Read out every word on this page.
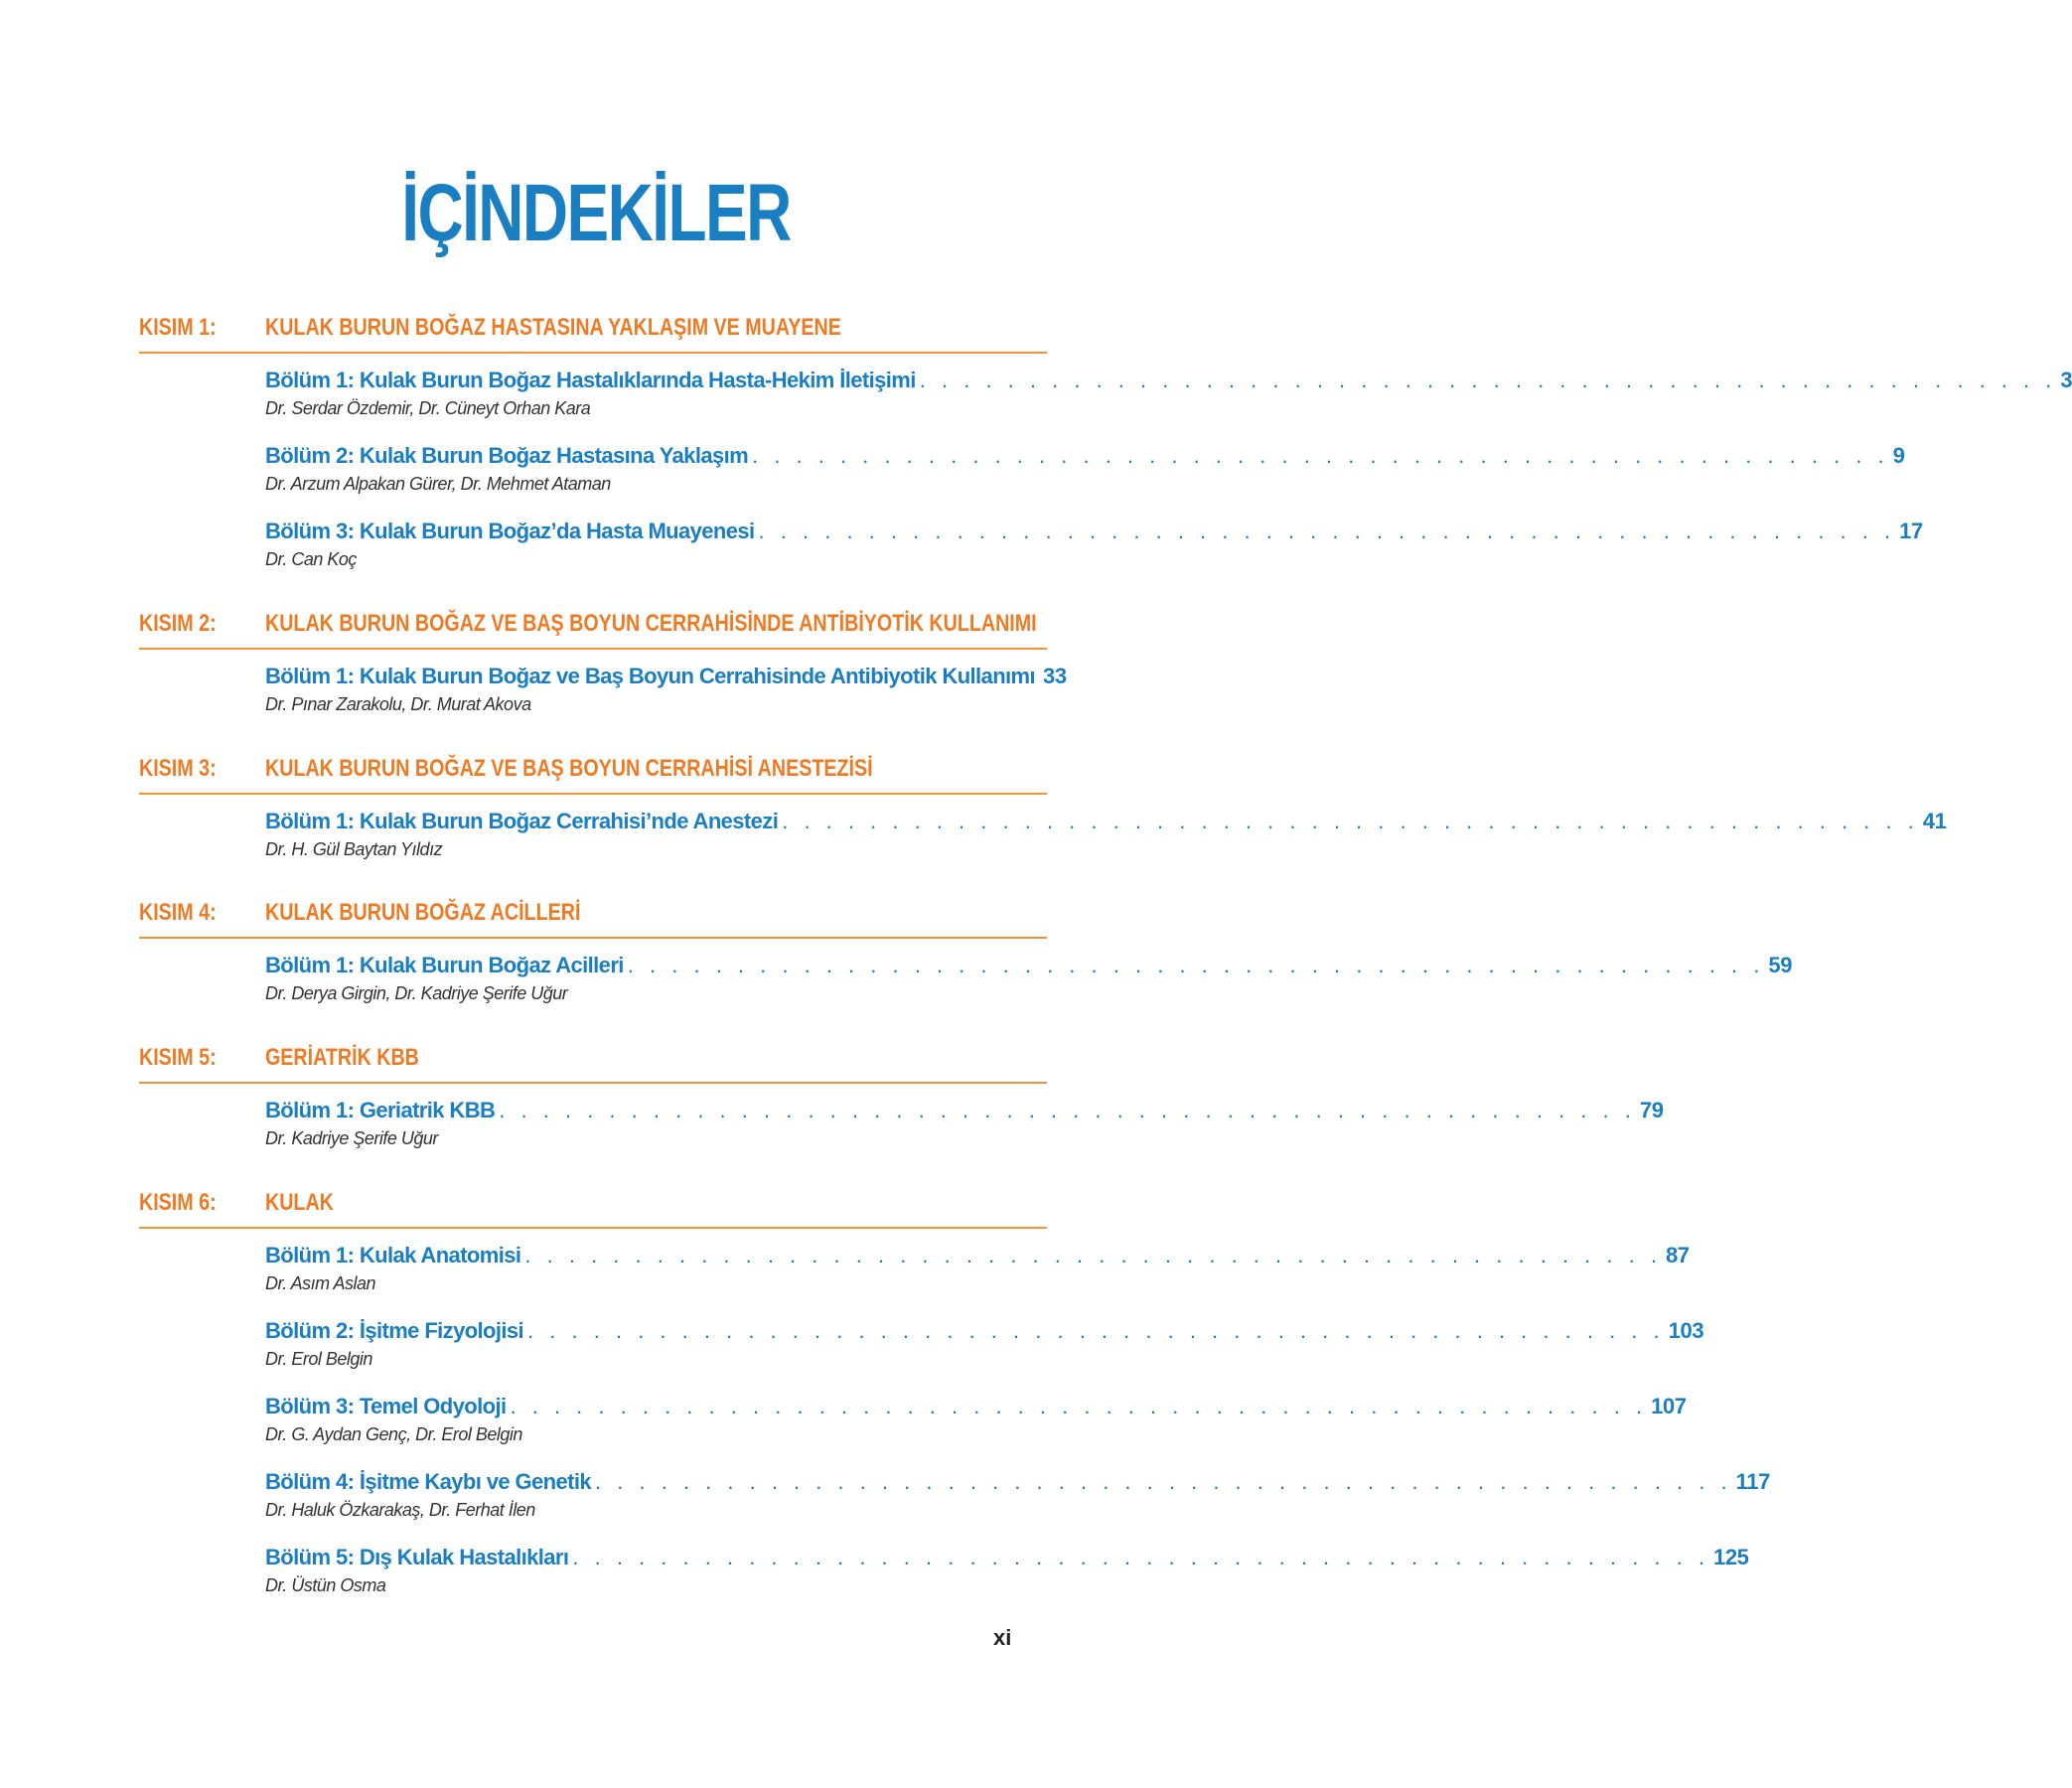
İÇİNDEKİLER
KISIM 1: KULAK BURUN BOĞAZ HASTASINA YAKLAŞIM VE MUAYENE
Bölüm 1: Kulak Burun Boğaz Hastalıklarında Hasta-Hekim İletişimi . . . . . . . . . . . . . . . . . . . . . . . . . . . . . . . . . . . . . . . . . . . . . . . . . . . . 3
Dr. Serdar Özdemir, Dr. Cüneyt Orhan Kara
Bölüm 2: Kulak Burun Boğaz Hastasına Yaklaşım . . . . . . . . . . . . . . . . . . . . . . . . . . . . . . . . . . . . . . . . . . . . . . . . . . . . 9
Dr. Arzum Alpakan Gürer, Dr. Mehmet Ataman
Bölüm 3: Kulak Burun Boğaz’da Hasta Muayenesi . . . . . . . . . . . . . . . . . . . . . . . . . . . . . . . . . . . . . . . . . . . . . . . . . . . . 17
Dr. Can Koç
KISIM 2: KULAK BURUN BOĞAZ VE BAŞ BOYUN CERRAHİSİNDE ANTİBİYOTİK KULLANIMI
Bölüm 1: Kulak Burun Boğaz ve Baş Boyun Cerrahisinde Antibiyotik Kullanımı 33
Dr. Pınar Zarakolu, Dr. Murat Akova
KISIM 3: KULAK BURUN BOĞAZ VE BAŞ BOYUN CERRAHİSİ ANESTEZİSİ
Bölüm 1: Kulak Burun Boğaz Cerrahisi’nde Anestezi . . . . . . . . . . . . . . . . . . . . . . . . . . . . . . . . . . . . . . . . . . . . . . . . . . . . 41
Dr. H. Gül Baytan Yıldız
KISIM 4: KULAK BURUN BOĞAZ ACİLLERİ
Bölüm 1: Kulak Burun Boğaz Acilleri . . . . . . . . . . . . . . . . . . . . . . . . . . . . . . . . . . . . . . . . . . . . . . . . . . . . 59
Dr. Derya Girgin, Dr. Kadriye Şerife Uğur
KISIM 5: GERİATRİK KBB
Bölüm 1: Geriatrik KBB . . . . . . . . . . . . . . . . . . . . . . . . . . . . . . . . . . . . . . . . . . . . . . . . . . . . 79
Dr. Kadriye Şerife Uğur
KISIM 6: KULAK
Bölüm 1: Kulak Anatomisi . . . . . . . . . . . . . . . . . . . . . . . . . . . . . . . . . . . . . . . . . . . . . . . . . . . . 87
Dr. Asım Aslan
Bölüm 2: İşitme Fizyolojisi . . . . . . . . . . . . . . . . . . . . . . . . . . . . . . . . . . . . . . . . . . . . . . . . . . . . 103
Dr. Erol Belgin
Bölüm 3: Temel Odyoloji . . . . . . . . . . . . . . . . . . . . . . . . . . . . . . . . . . . . . . . . . . . . . . . . . . . . 107
Dr. G. Aydan Genç, Dr. Erol Belgin
Bölüm 4: İşitme Kaybı ve Genetik . . . . . . . . . . . . . . . . . . . . . . . . . . . . . . . . . . . . . . . . . . . . . . . . . . . . 117
Dr. Haluk Özkarakaş, Dr. Ferhat İlen
Bölüm 5: Dış Kulak Hastalıkları . . . . . . . . . . . . . . . . . . . . . . . . . . . . . . . . . . . . . . . . . . . . . . . . . . . . 125
Dr. Üstün Osma
xi
